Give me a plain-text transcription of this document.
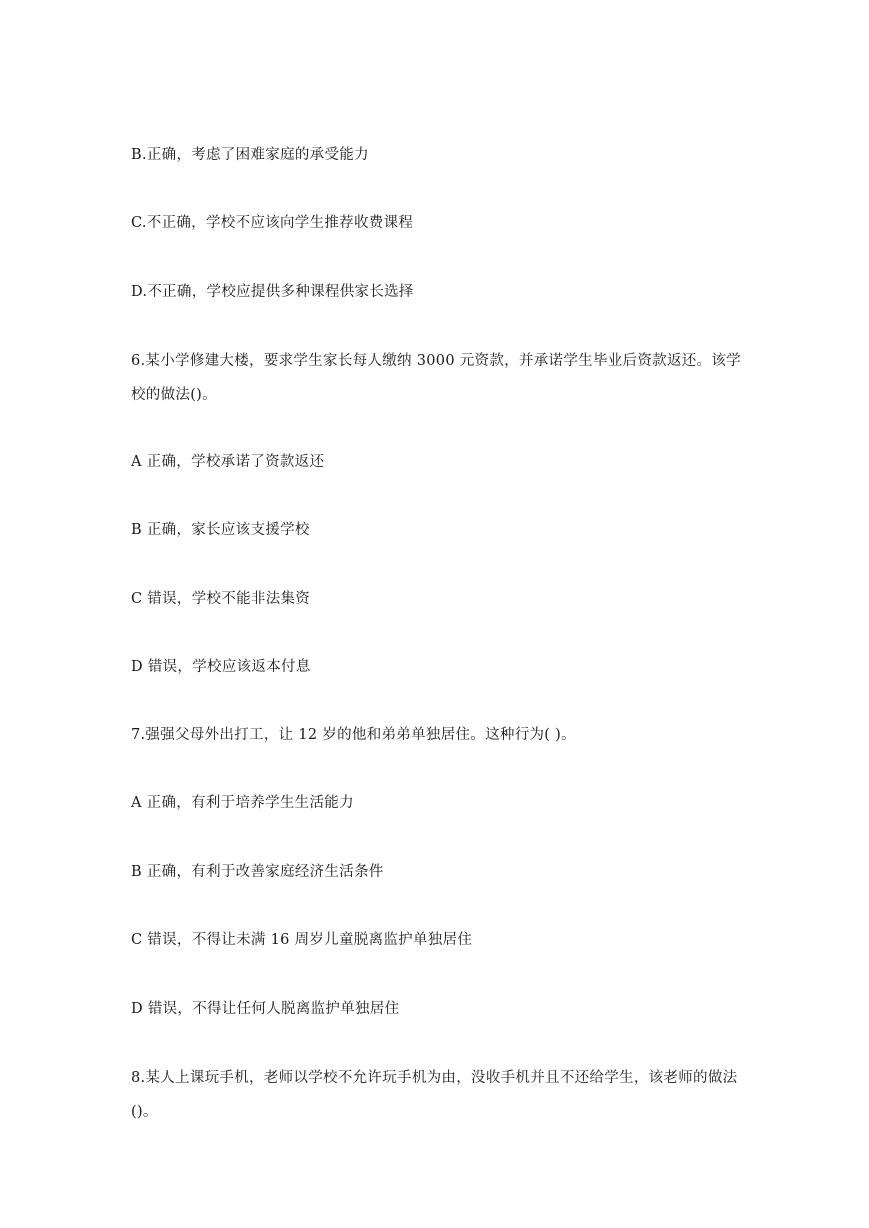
B.正确，考虑了困难家庭的承受能力
C.不正确，学校不应该向学生推荐收费课程
D.不正确，学校应提供多种课程供家长选择
6.某小学修建大楼，要求学生家长每人缴纳 3000 元资款，并承诺学生毕业后资款返还。该学校的做法()。
A 正确，学校承诺了资款返还
B 正确，家长应该支援学校
C 错误，学校不能非法集资
D 错误，学校应该返本付息
7.强强父母外出打工，让 12 岁的他和弟弟单独居住。这种行为( )。
A 正确，有利于培养学生生活能力
B 正确，有利于改善家庭经济生活条件
C 错误，不得让未满 16 周岁儿童脱离监护单独居住
D 错误，不得让任何人脱离监护单独居住
8.某人上课玩手机，老师以学校不允许玩手机为由，没收手机并且不还给学生，该老师的做法()。
